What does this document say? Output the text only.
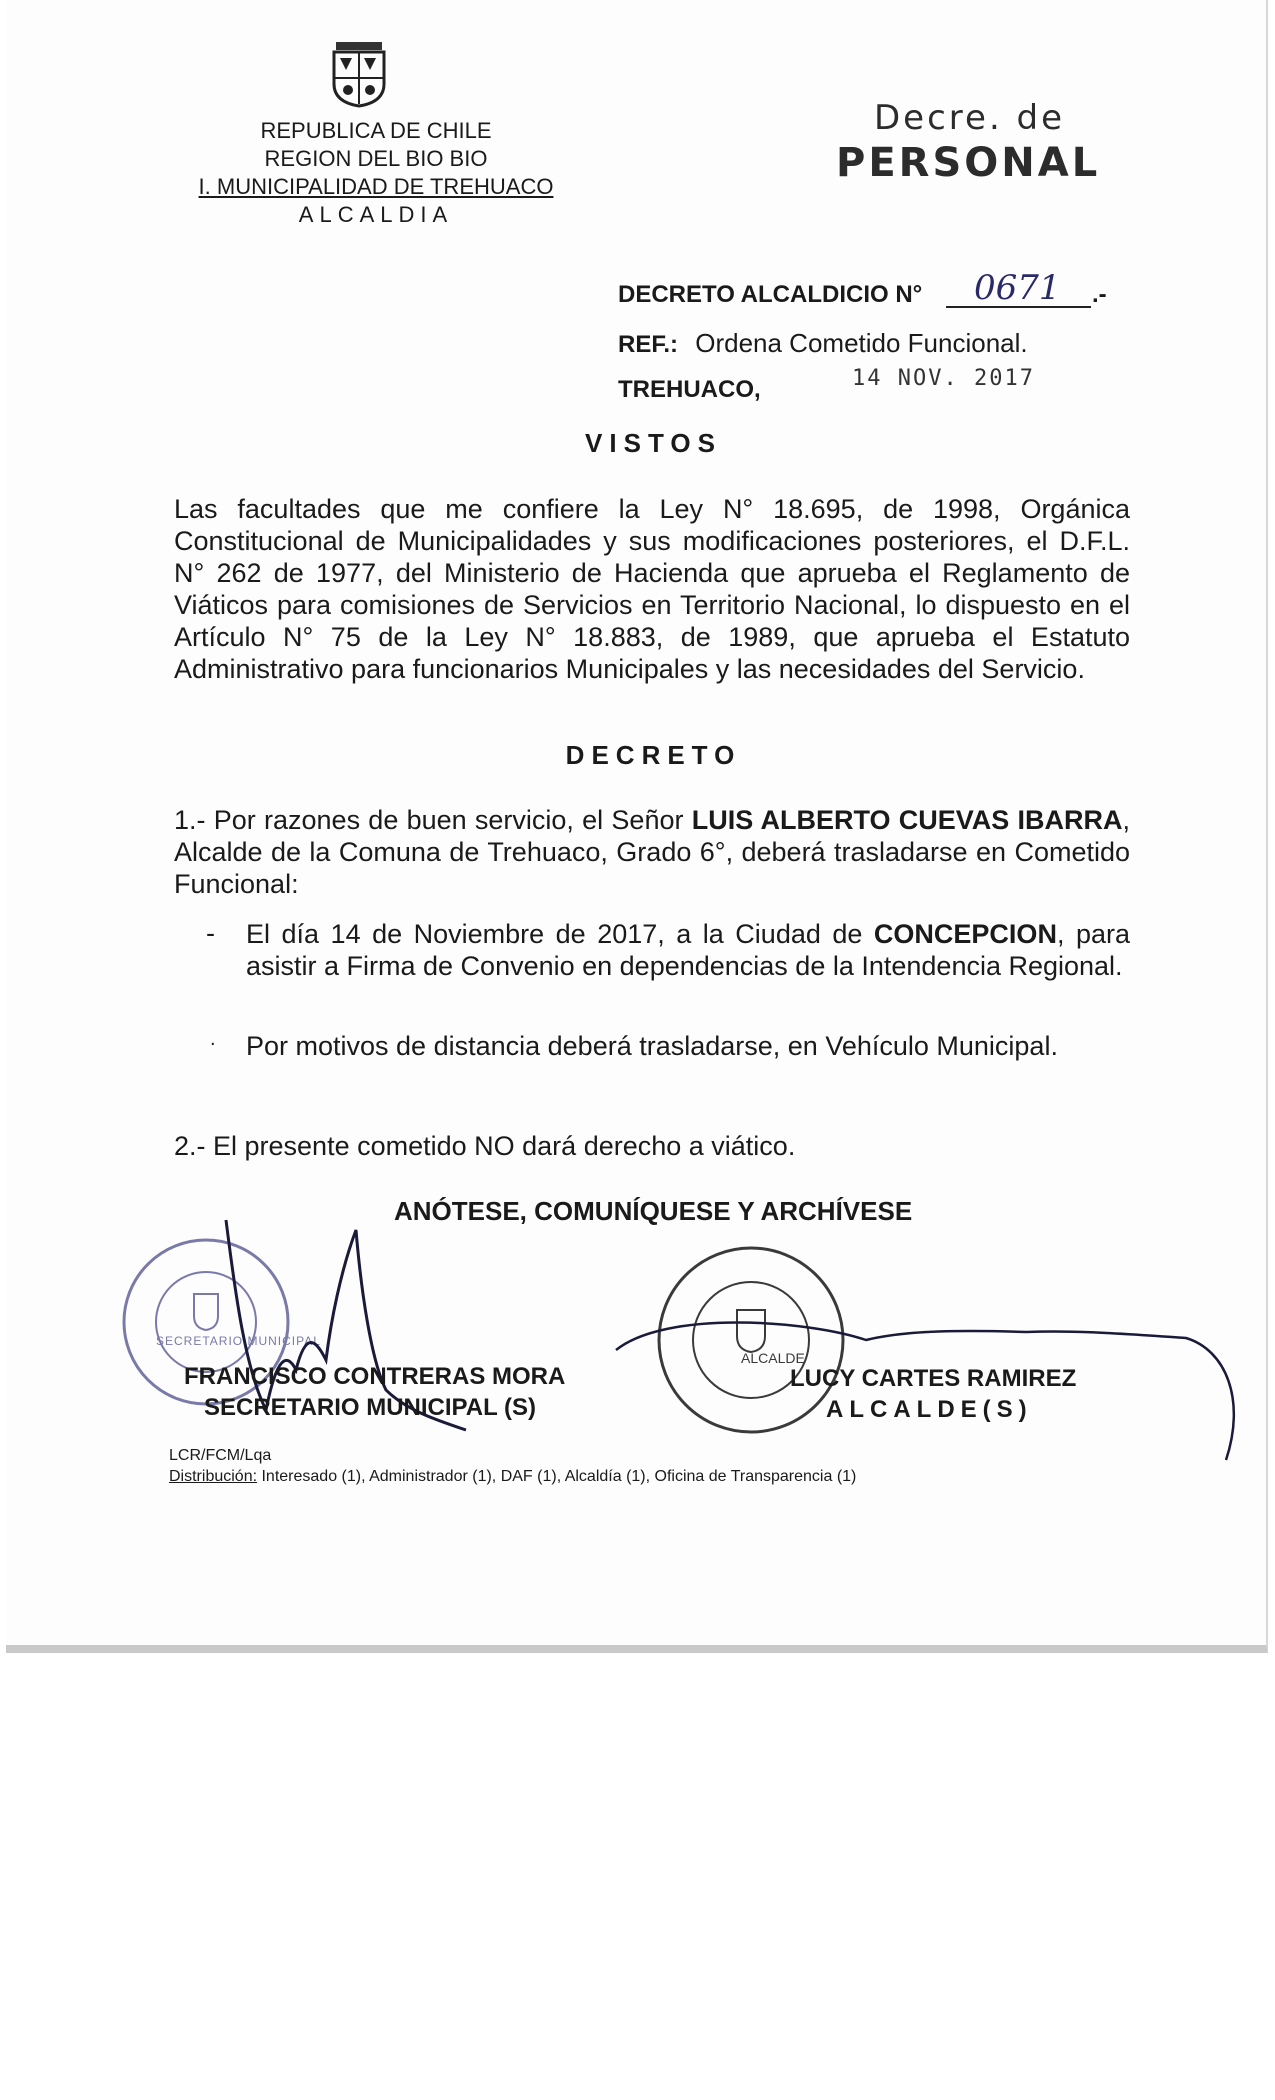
REPUBLICA DE CHILE
REGION DEL BIO BIO
I. MUNICIPALIDAD DE TREHUACO
ALCALDIA
Decre. de
PERSONAL
DECRETO ALCALDICIO N° 0671 .-
REF.: Ordena Cometido Funcional.
TREHUACO,	14 NOV. 2017
VISTOS
Las facultades que me confiere la Ley N° 18.695, de 1998, Orgánica Constitucional de Municipalidades y sus modificaciones posteriores, el D.F.L. N° 262 de 1977, del Ministerio de Hacienda que aprueba el Reglamento de Viáticos para comisiones de Servicios en Territorio Nacional, lo dispuesto en el Artículo N° 75 de la Ley N° 18.883, de 1989, que aprueba el Estatuto Administrativo para funcionarios Municipales y las necesidades del Servicio.
DECRETO
1.- Por razones de buen servicio, el Señor LUIS ALBERTO CUEVAS IBARRA, Alcalde de la Comuna de Trehuaco, Grado 6°, deberá trasladarse en Cometido Funcional:
- El día 14 de Noviembre de 2017, a la Ciudad de CONCEPCION, para asistir a Firma de Convenio en dependencias de la Intendencia Regional.
. Por motivos de distancia deberá trasladarse, en Vehículo Municipal.
2.- El presente cometido NO dará derecho a viático.
ANÓTESE, COMUNÍQUESE Y ARCHÍVESE
SECRETARIO MUNICIPAL
ALCALDE
FRANCISCO CONTRERAS MORA
SECRETARIO MUNICIPAL (S)
LUCY CARTES RAMIREZ
ALCALDE(S)
LCR/FCM/Lqa
Distribución: Interesado (1), Administrador (1), DAF (1), Alcaldía (1), Oficina de Transparencia (1)
